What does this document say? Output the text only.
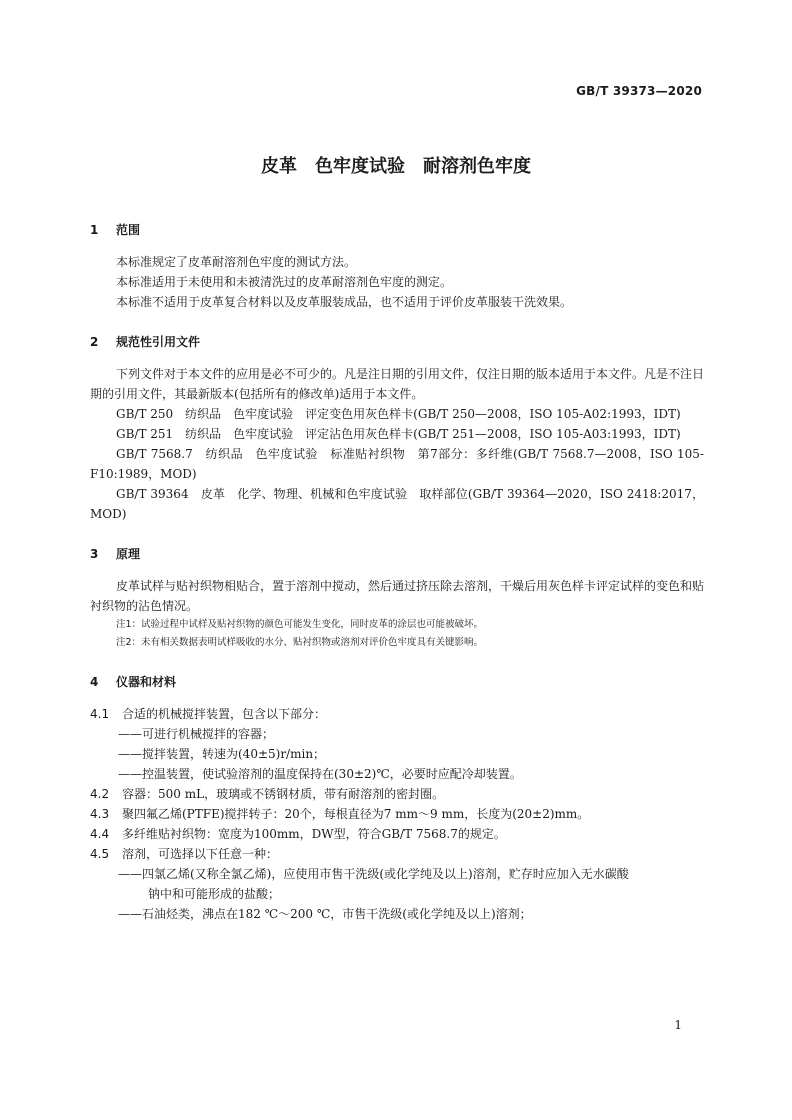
GB/T 39373—2020
皮革　色牢度试验　耐溶剂色牢度
1 范围
本标准规定了皮革耐溶剂色牢度的测试方法。
本标准适用于未使用和未被清洗过的皮革耐溶剂色牢度的测定。
本标准不适用于皮革复合材料以及皮革服装成品，也不适用于评价皮革服装干洗效果。
2 规范性引用文件
下列文件对于本文件的应用是必不可少的。凡是注日期的引用文件，仅注日期的版本适用于本文件。凡是不注日期的引用文件，其最新版本(包括所有的修改单)适用于本文件。
GB/T 250　纺织品　色牢度试验　评定变色用灰色样卡(GB/T 250—2008，ISO 105-A02:1993，IDT)
GB/T 251　纺织品　色牢度试验　评定沾色用灰色样卡(GB/T 251—2008，ISO 105-A03:1993，IDT)
GB/T 7568.7　纺织品　色牢度试验　标准贴衬织物　第7部分：多纤维(GB/T 7568.7—2008，ISO 105-F10:1989，MOD)
GB/T 39364　皮革　化学、物理、机械和色牢度试验　取样部位(GB/T 39364—2020，ISO 2418:2017，MOD)
3 原理
皮革试样与贴衬织物相贴合，置于溶剂中搅动，然后通过挤压除去溶剂，干燥后用灰色样卡评定试样的变色和贴衬织物的沾色情况。
注1：试验过程中试样及贴衬织物的颜色可能发生变化，同时皮革的涂层也可能被破坏。
注2：未有相关数据表明试样吸收的水分、贴衬织物或溶剂对评价色牢度具有关键影响。
4 仪器和材料
4.1	合适的机械搅拌装置，包含以下部分：
——可进行机械搅拌的容器；
——搅拌装置，转速为(40±5)r/min；
——控温装置，使试验溶剂的温度保持在(30±2)℃，必要时应配冷却装置。
4.2	容器：500 mL，玻璃或不锈钢材质，带有耐溶剂的密封圈。
4.3	聚四氟乙烯(PTFE)搅拌转子：20个，每根直径为7 mm～9 mm，长度为(20±2)mm。
4.4	多纤维贴衬织物：宽度为100mm，DW型，符合GB/T 7568.7的规定。
4.5	溶剂，可选择以下任意一种：
——四氯乙烯(又称全氯乙烯)，应使用市售干洗级(或化学纯及以上)溶剂，贮存时应加入无水碳酸
钠中和可能形成的盐酸；
——石油烃类，沸点在182 ℃～200 ℃，市售干洗级(或化学纯及以上)溶剂；
1
